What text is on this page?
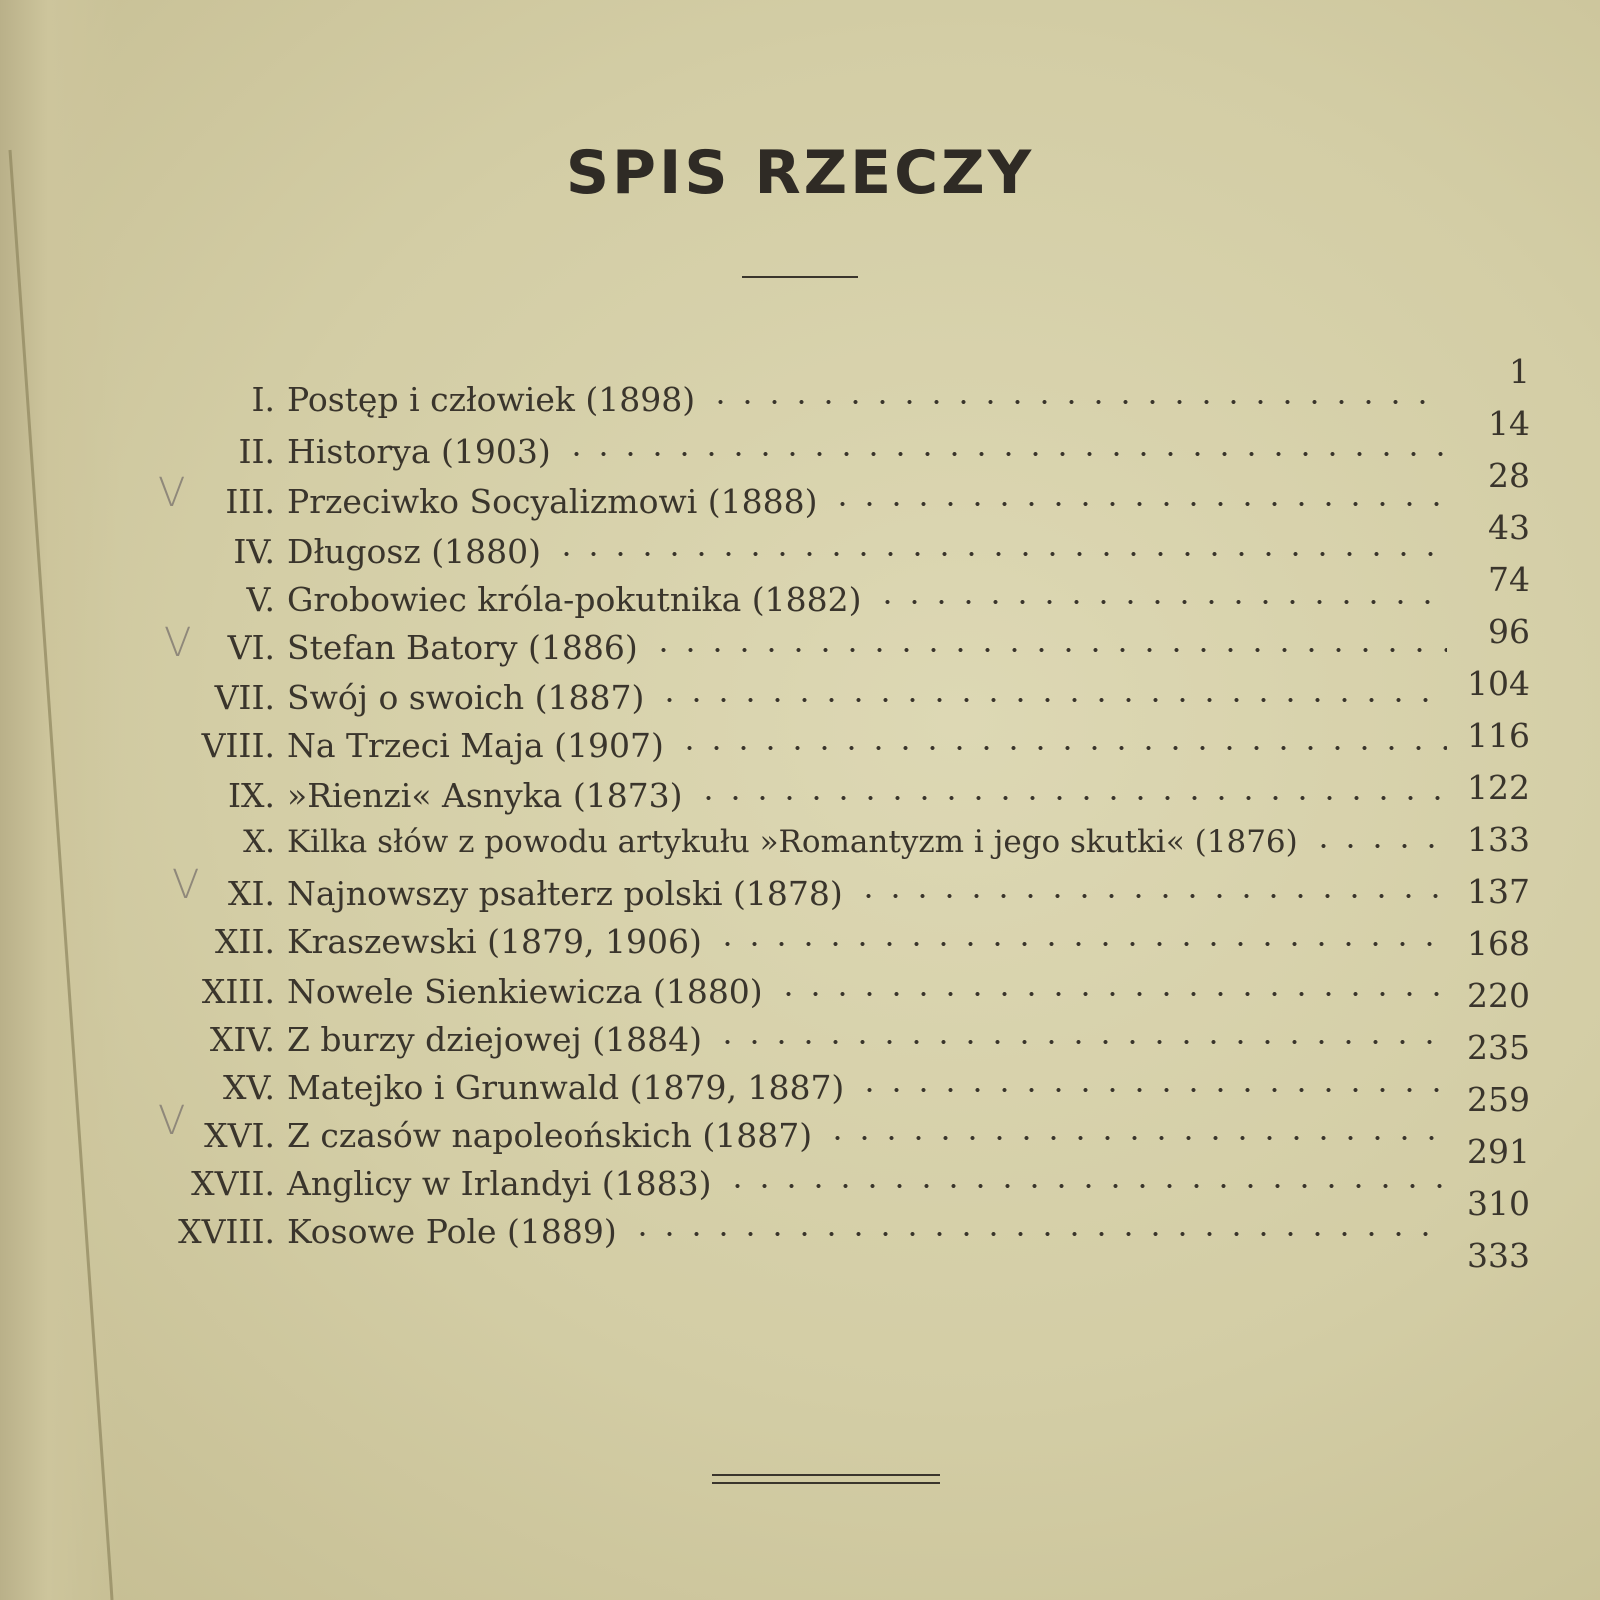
SPIS RZECZY
I. Postęp i człowiek (1898)
II. Historya (1903)
III. Przeciwko Socyalizmowi (1888)
IV. Długosz (1880)
V. Grobowiec króla-pokutnika (1882)
VI. Stefan Batory (1886)
VII. Swój o swoich (1887)
VIII. Na Trzeci Maja (1907)
IX. »Rienzi« Asnyka (1873)
X. Kilka słów z powodu artykułu »Romantyzm i jego skutki« (1876)
XI. Najnowszy psałterz polski (1878)
XII. Kraszewski (1879, 1906)
XIII. Nowele Sienkiewicza (1880)
XIV. Z burzy dziejowej (1884)
XV. Matejko i Grunwald (1879, 1887)
XVI. Z czasów napoleońskich (1887)
XVII. Anglicy w Irlandyi (1883)
XVIII. Kosowe Pole (1889)
1
14
28
43
74
96
104
116
122
133
137
168
220
235
259
291
310
333
V
V
V
V
